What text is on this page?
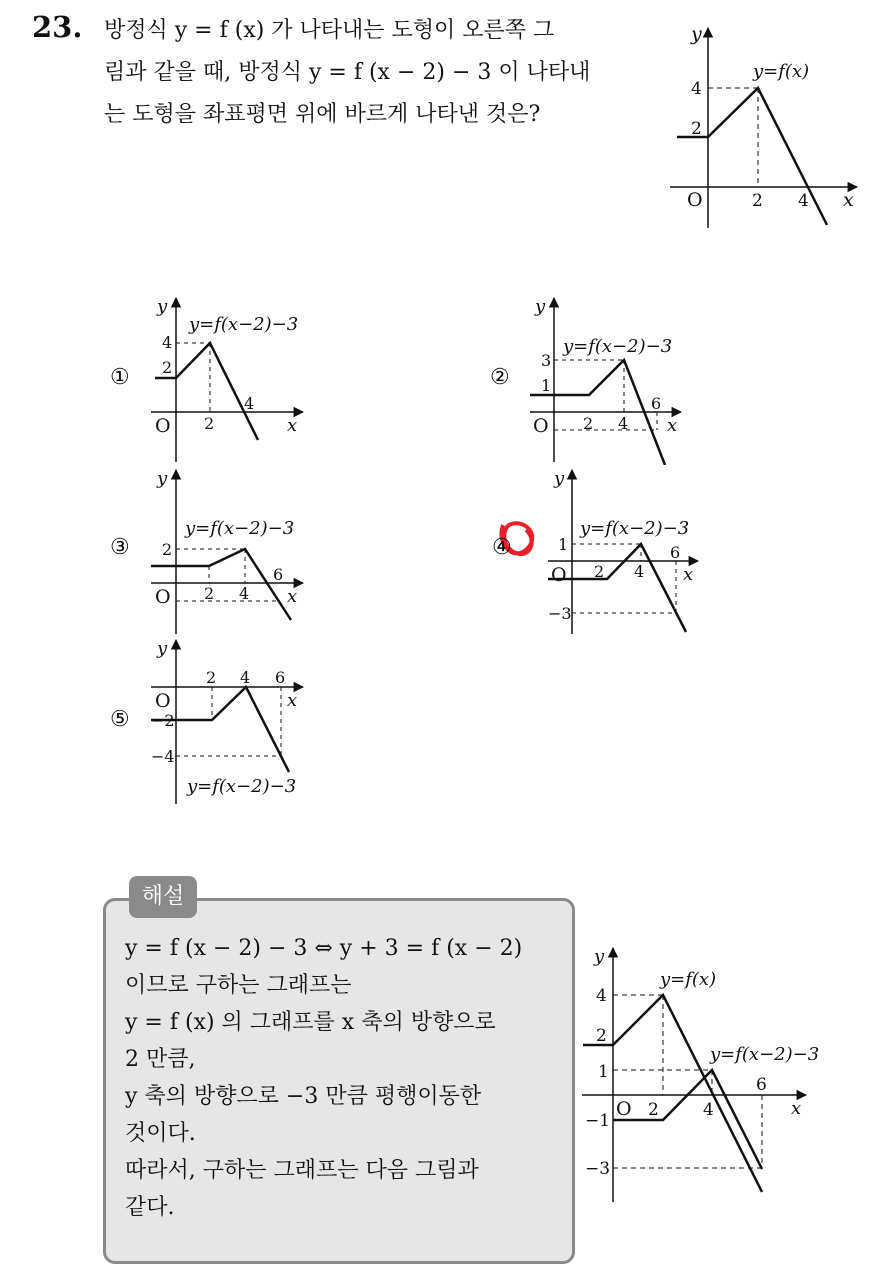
23. 방정식 y = f (x) 가 나타내는 도형이 오른쪽 그
림과 같을 때, 방정식 y = f (x − 2) − 3 이 나타내
는 도형을 좌표평면 위에 바르게 나타낸 것은?
y=f(x)
y
x
O	2 4
4
2
①
y=f(x−2)−3
y
x
O
4
2
2
4
②
y=f(x−2)−3
y
x
O
3
1
2 4
6
③
y=f(x−2)−3
y
x
O
2
2 4
6
④
y=f(x−2)−3
y
x
O
1
2 4
6
−3
⑤
y=f(x−2)−3
y
x
O
2 4 6
−2
−4
해설
y = f (x − 2) − 3 ⇔ y + 3 = f (x − 2)
이므로 구하는 그래프는
y = f (x) 의 그래프를 x 축의 방향으로
2 만큼,
y 축의 방향으로 −3 만큼 평행이동한
것이다.
따라서, 구하는 그래프는 다음 그림과
같다.
y=f(x)
y=f(x−2)−3
y
x
O
4
2
1
−1
−3
2	4
6
